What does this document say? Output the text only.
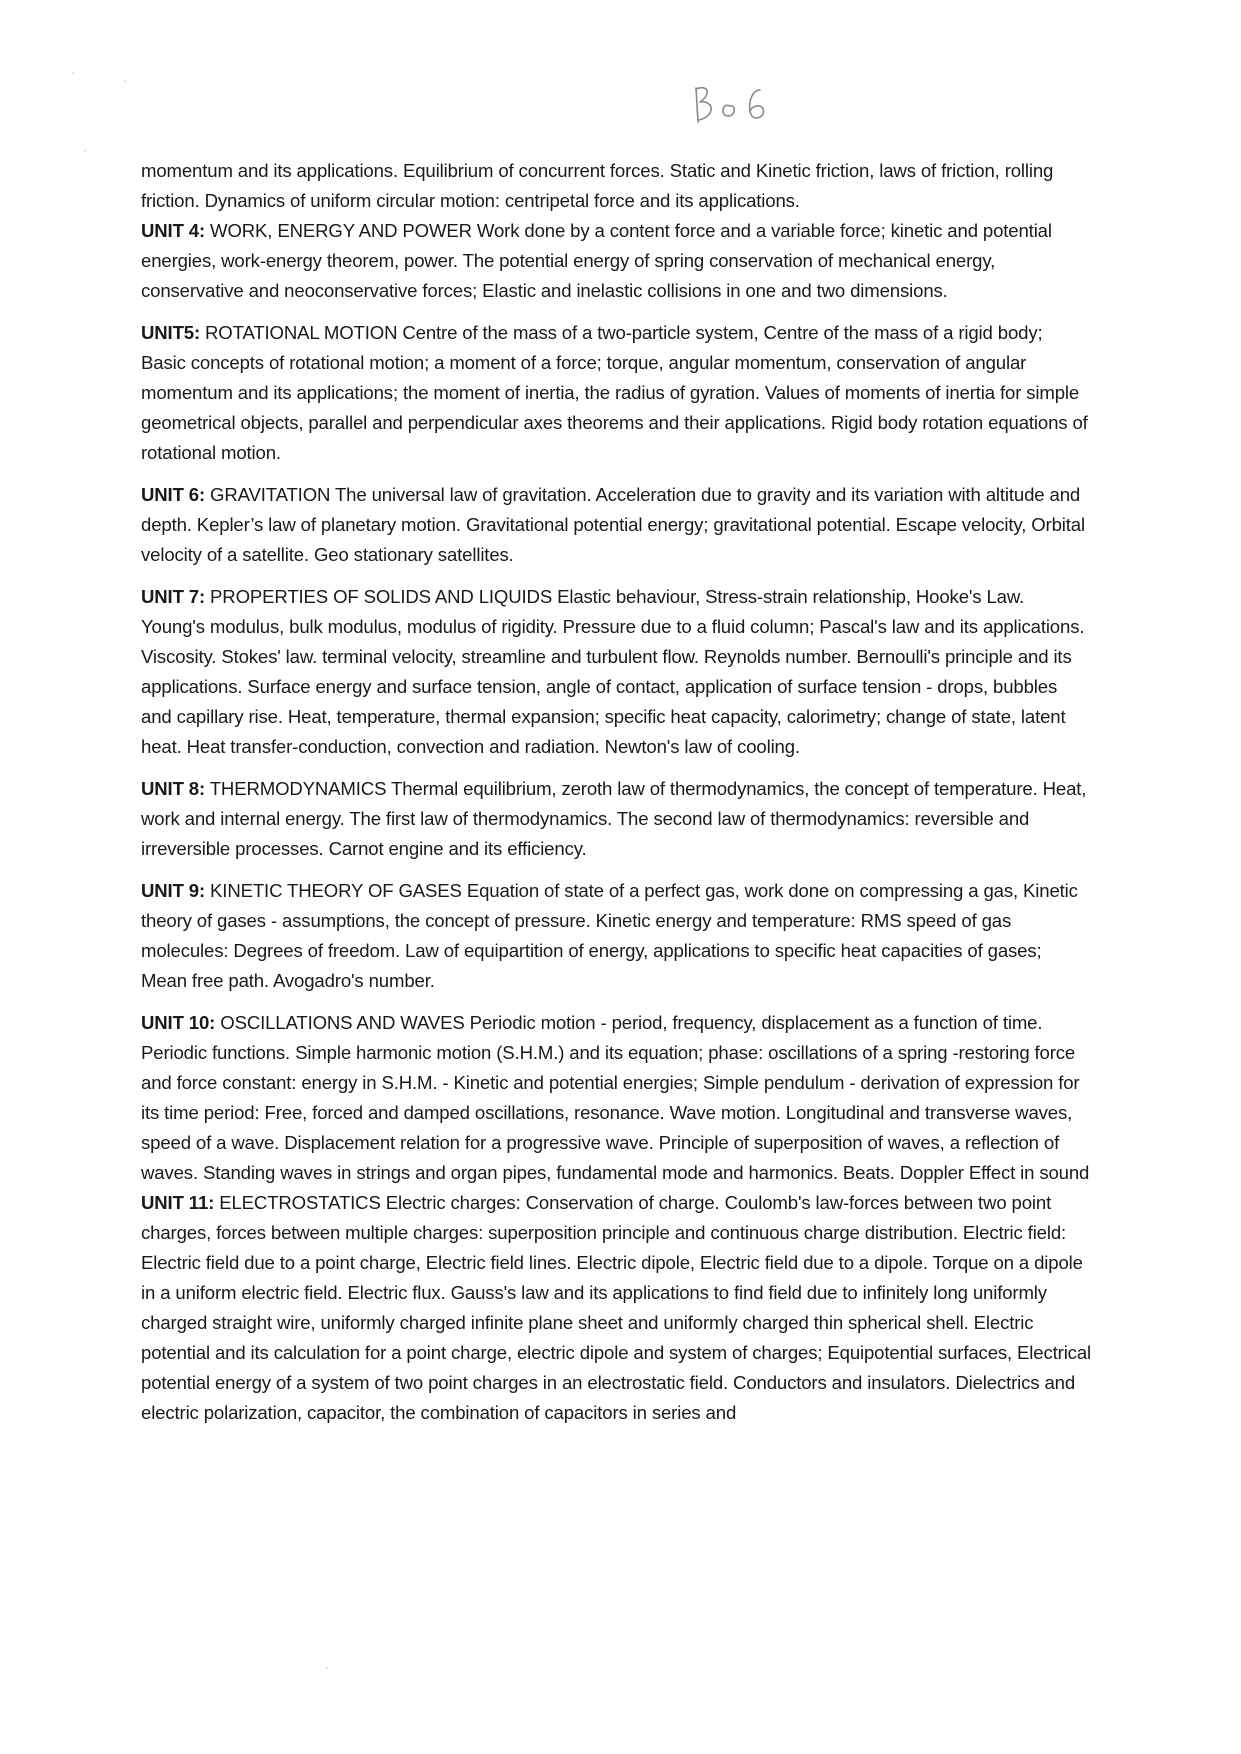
momentum and its applications. Equilibrium of concurrent forces. Static and Kinetic friction, laws of friction, rolling friction. Dynamics of uniform circular motion: centripetal force and its applications.

UNIT 4: WORK, ENERGY AND POWER Work done by a content force and a variable force; kinetic and potential energies, work-energy theorem, power. The potential energy of spring conservation of mechanical energy, conservative and neoconservative forces; Elastic and inelastic collisions in one and two dimensions.

UNIT5: ROTATIONAL MOTION Centre of the mass of a two-particle system, Centre of the mass of a rigid body; Basic concepts of rotational motion; a moment of a force; torque, angular momentum, conservation of angular momentum and its applications; the moment of inertia, the radius of gyration. Values of moments of inertia for simple geometrical objects, parallel and perpendicular axes theorems and their applications. Rigid body rotation equations of rotational motion.

UNIT 6: GRAVITATION The universal law of gravitation. Acceleration due to gravity and its variation with altitude and depth. Kepler’s law of planetary motion. Gravitational potential energy; gravitational potential. Escape velocity, Orbital velocity of a satellite. Geo stationary satellites.

UNIT 7: PROPERTIES OF SOLIDS AND LIQUIDS Elastic behaviour, Stress-strain relationship, Hooke's Law. Young's modulus, bulk modulus, modulus of rigidity. Pressure due to a fluid column; Pascal's law and its applications. Viscosity. Stokes' law. terminal velocity, streamline and turbulent flow. Reynolds number. Bernoulli's principle and its applications. Surface energy and surface tension, angle of contact, application of surface tension - drops, bubbles and capillary rise. Heat, temperature, thermal expansion; specific heat capacity, calorimetry; change of state, latent heat. Heat transfer-conduction, convection and radiation. Newton's law of cooling.

UNIT 8: THERMODYNAMICS Thermal equilibrium, zeroth law of thermodynamics, the concept of temperature. Heat, work and internal energy. The first law of thermodynamics. The second law of thermodynamics: reversible and irreversible processes. Carnot engine and its efficiency.

UNIT 9: KINETIC THEORY OF GASES Equation of state of a perfect gas, work done on compressing a gas, Kinetic theory of gases - assumptions, the concept of pressure. Kinetic energy and temperature: RMS speed of gas molecules: Degrees of freedom. Law of equipartition of energy, applications to specific heat capacities of gases; Mean free path. Avogadro's number.

UNIT 10: OSCILLATIONS AND WAVES Periodic motion - period, frequency, displacement as a function of time. Periodic functions. Simple harmonic motion (S.H.M.) and its equation; phase: oscillations of a spring -restoring force and force constant: energy in S.H.M. - Kinetic and potential energies; Simple pendulum - derivation of expression for its time period: Free, forced and damped oscillations, resonance. Wave motion. Longitudinal and transverse waves, speed of a wave. Displacement relation for a progressive wave. Principle of superposition of waves, a reflection of waves. Standing waves in strings and organ pipes, fundamental mode and harmonics. Beats. Doppler Effect in sound

UNIT 11: ELECTROSTATICS Electric charges: Conservation of charge. Coulomb's law-forces between two point charges, forces between multiple charges: superposition principle and continuous charge distribution. Electric field: Electric field due to a point charge, Electric field lines. Electric dipole, Electric field due to a dipole. Torque on a dipole in a uniform electric field. Electric flux. Gauss's law and its applications to find field due to infinitely long uniformly charged straight wire, uniformly charged infinite plane sheet and uniformly charged thin spherical shell. Electric potential and its calculation for a point charge, electric dipole and system of charges; Equipotential surfaces, Electrical potential energy of a system of two point charges in an electrostatic field. Conductors and insulators. Dielectrics and electric polarization, capacitor, the combination of capacitors in series and
